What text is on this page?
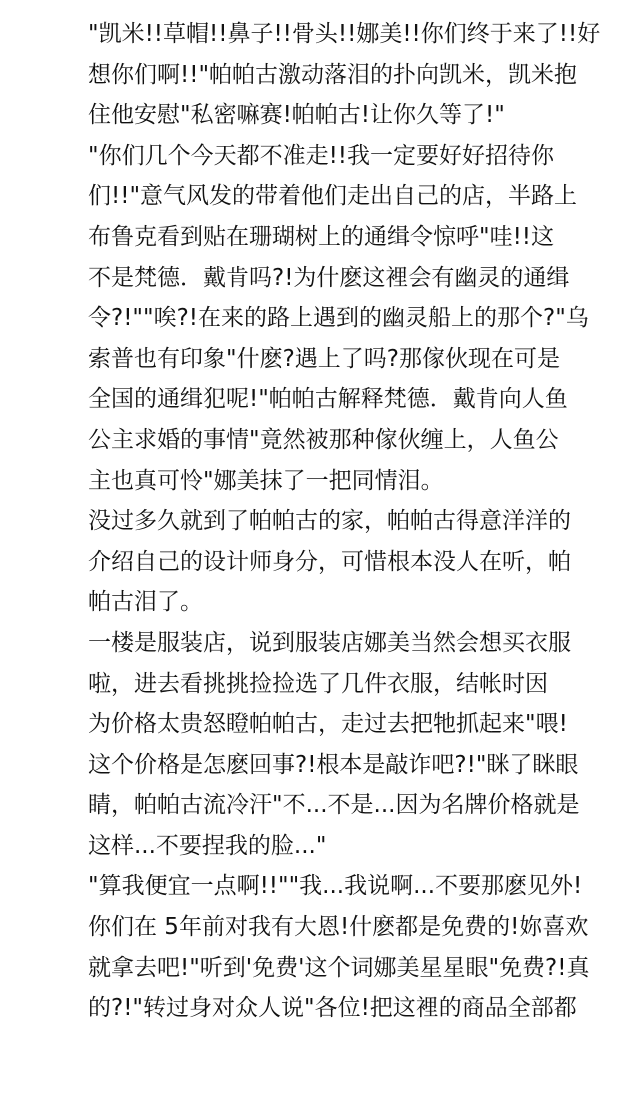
"凯米!!草帽!!鼻子!!骨头!!娜美!!你们终于来了!!好
想你们啊!!"帕帕古激动落泪的扑向凯米，凯米抱
住他安慰"私密嘛赛!帕帕古!让你久等了!"
"你们几个今天都不准走!!我一定要好好招待你
们!!"意气风发的带着他们走出自己的店，半路上
布鲁克看到贴在珊瑚树上的通缉令惊呼"哇!!这
不是梵德．戴肯吗?!为什麽这裡会有幽灵的通缉
令?!""唉?!在来的路上遇到的幽灵船上的那个?"乌
索普也有印象"什麽?遇上了吗?那傢伙现在可是
全国的通缉犯呢!"帕帕古解释梵德．戴肯向人鱼
公主求婚的事情"竟然被那种傢伙缠上，人鱼公
主也真可怜"娜美抹了一把同情泪。
没过多久就到了帕帕古的家，帕帕古得意洋洋的
介绍自己的设计师身分，可惜根本没人在听，帕
帕古泪了。
一楼是服装店，说到服装店娜美当然会想买衣服
啦，进去看挑挑捡捡选了几件衣服，结帐时因
为价格太贵怒瞪帕帕古，走过去把牠抓起来"喂!
这个价格是怎麽回事?!根本是敲诈吧?!"眯了眯眼
睛，帕帕古流冷汗"不...不是...因为名牌价格就是
这样...不要捏我的脸..."
"算我便宜一点啊!!""我...我说啊...不要那麽见外!
你们在 5年前对我有大恩!什麽都是免费的!妳喜欢
就拿去吧!"听到'免费'这个词娜美星星眼"免费?!真
的?!"转过身对众人说"各位!把这裡的商品全部都
